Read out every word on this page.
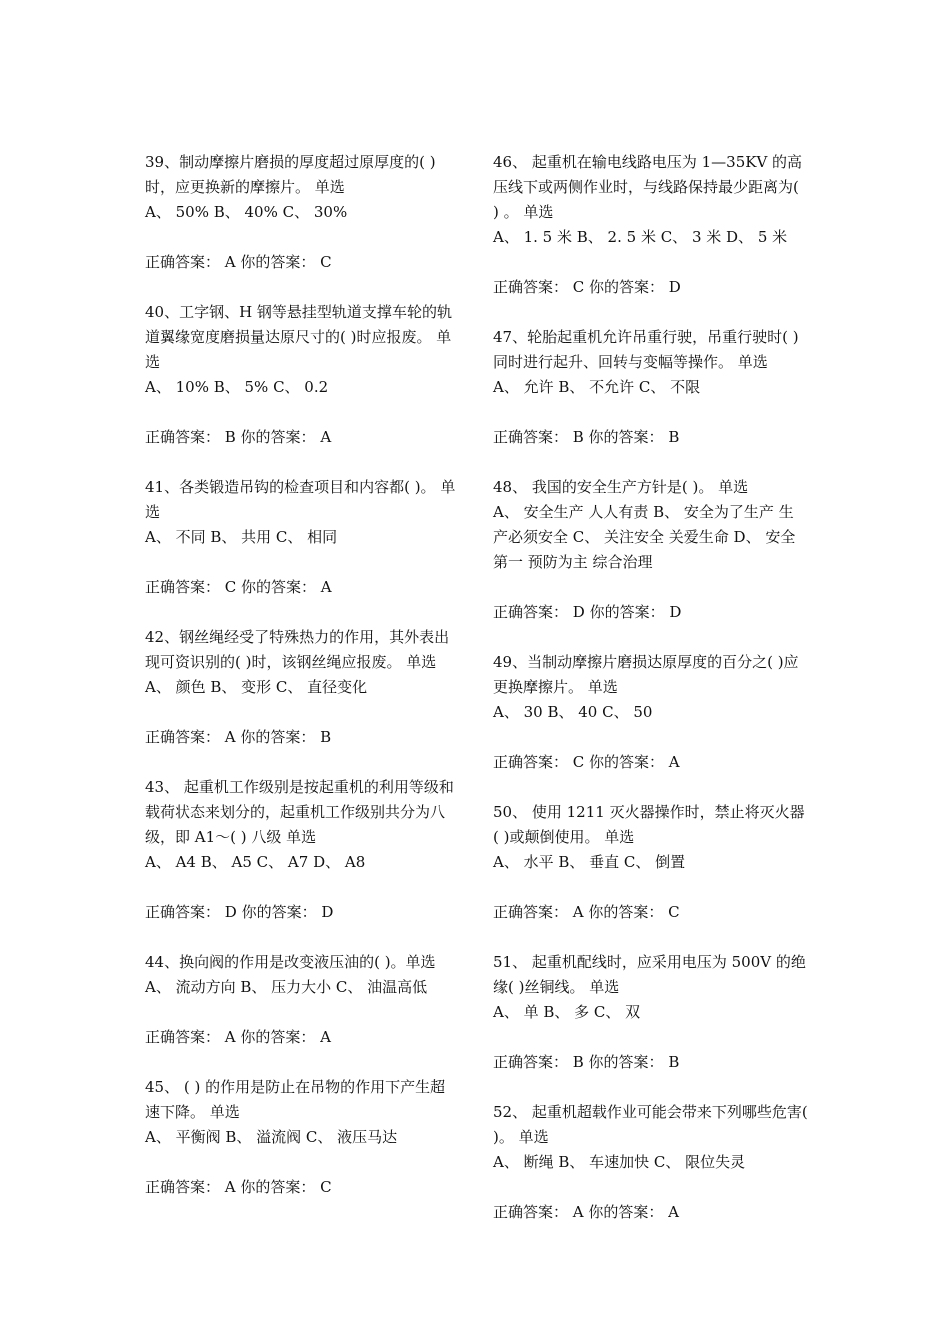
39、制动摩擦片磨损的厚度超过原厚度的( )时，应更换新的摩擦片。 单选

A、 50% B、 40% C、 30%

正确答案： A 你的答案： C

40、工字钢、H 钢等悬挂型轨道支撑车轮的轨道翼缘宽度磨损量达原尺寸的( )时应报废。 单选

A、 10% B、 5% C、 0.2

正确答案： B 你的答案： A

41、各类锻造吊钩的检查项目和内容都( )。 单选

A、 不同 B、 共用 C、 相同

正确答案： C 你的答案： A

42、钢丝绳经受了特殊热力的作用，其外表出现可资识别的( )时，该钢丝绳应报废。 单选

A、 颜色 B、 变形 C、 直径变化

正确答案： A 你的答案： B

43、 起重机工作级别是按起重机的利用等级和载荷状态来划分的，起重机工作级别共分为八级，即 A1～( ) 八级 单选

A、 A4 B、 A5 C、 A7 D、 A8

正确答案： D 你的答案： D

44、换向阀的作用是改变液压油的( )。单选

A、 流动方向 B、 压力大小 C、 油温高低

正确答案： A 你的答案： A

45、 ( ) 的作用是防止在吊物的作用下产生超速下降。 单选

A、 平衡阀 B、 溢流阀 C、 液压马达

正确答案： A 你的答案： C

46、 起重机在输电线路电压为 1—35KV 的高压线下或两侧作业时，与线路保持最少距离为( ) 。 单选

A、 1. 5 米 B、 2. 5 米 C、 3 米 D、 5 米

正确答案： C 你的答案： D

47、轮胎起重机允许吊重行驶，吊重行驶时( )同时进行起升、回转与变幅等操作。 单选

A、 允许 B、 不允许 C、 不限

正确答案： B 你的答案： B

48、 我国的安全生产方针是( )。 单选

A、 安全生产 人人有责 B、 安全为了生产 生产必须安全 C、 关注安全 关爱生命 D、 安全第一 预防为主 综合治理

正确答案： D 你的答案： D

49、当制动摩擦片磨损达原厚度的百分之( )应更换摩擦片。 单选

A、 30 B、 40 C、 50

正确答案： C 你的答案： A

50、 使用 1211 灭火器操作时，禁止将灭火器( )或颠倒使用。 单选

A、 水平 B、 垂直 C、 倒置

正确答案： A 你的答案： C

51、 起重机配线时，应采用电压为 500V 的绝缘( )丝铜线。 单选

A、 单 B、 多 C、 双

正确答案： B 你的答案： B

52、 起重机超载作业可能会带来下列哪些危害( )。 单选

A、 断绳 B、 车速加快 C、 限位失灵

正确答案： A 你的答案： A
